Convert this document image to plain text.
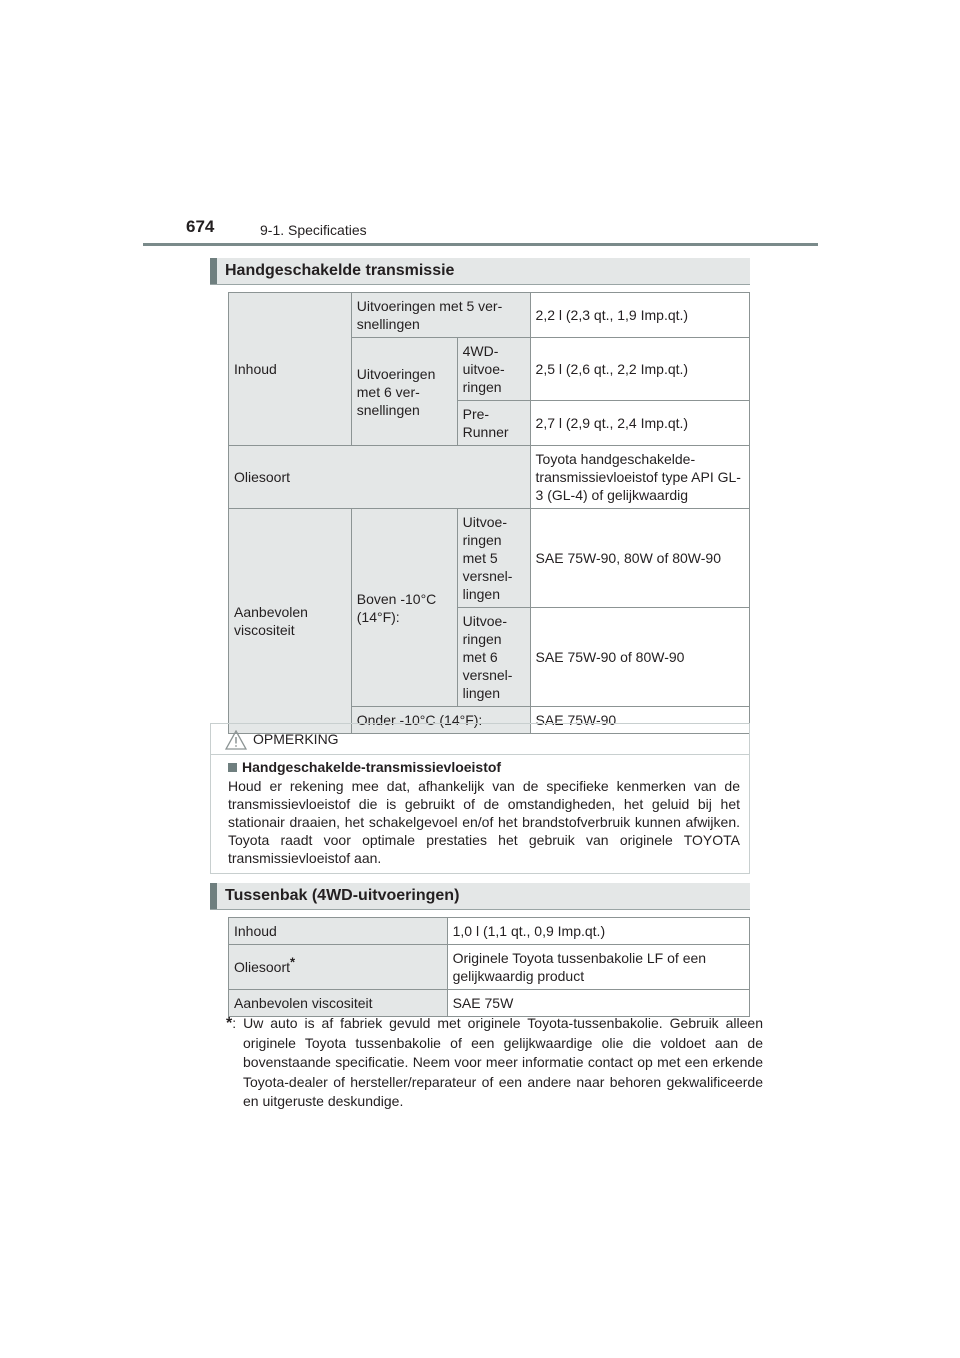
674	9-1. Specificaties
Handgeschakelde transmissie
Inhoud	Uitvoeringen met 5 ver-snellingen		2,2 l (2,3 qt., 1,9 Imp.qt.)
	Uitvoeringen met 6 ver-snellingen	4WD-uitvoe-ringen	2,5 l (2,6 qt., 2,2 Imp.qt.)
		Pre-Runner	2,7 l (2,9 qt., 2,4 Imp.qt.)
Oliesoort			Toyota handgeschakelde-transmissievloeistof type API GL-3 (GL-4) of gelijkwaardig
Aanbevolen viscositeit	Boven -10°C (14°F):	Uitvoe-ringen met 5 versnel-lingen	SAE 75W-90, 80W of 80W-90
		Uitvoe-ringen met 6 versnel-lingen	SAE 75W-90 of 80W-90
	Onder -10°C (14°F):		SAE 75W-90
OPMERKING
Handgeschakelde-transmissievloeistof
Houd er rekening mee dat, afhankelijk van de specifieke kenmerken van de transmissievloeistof die is gebruikt of de omstandigheden, het geluid bij het stationair draaien, het schakelgevoel en/of het brandstofverbruik kunnen afwijken. Toyota raadt voor optimale prestaties het gebruik van originele TOYOTA transmissievloeistof aan.
Tussenbak (4WD-uitvoeringen)
Inhoud	1,0 l (1,1 qt., 0,9 Imp.qt.)
Oliesoort*	Originele Toyota tussenbakolie LF of een gelijkwaardig product
Aanbevolen viscositeit	SAE 75W
*: Uw auto is af fabriek gevuld met originele Toyota-tussenbakolie. Gebruik alleen originele Toyota tussenbakolie of een gelijkwaardige olie die voldoet aan de bovenstaande specificatie. Neem voor meer informatie contact op met een erkende Toyota-dealer of hersteller/reparateur of een andere naar behoren gekwalificeerde en uitgeruste deskundige.
